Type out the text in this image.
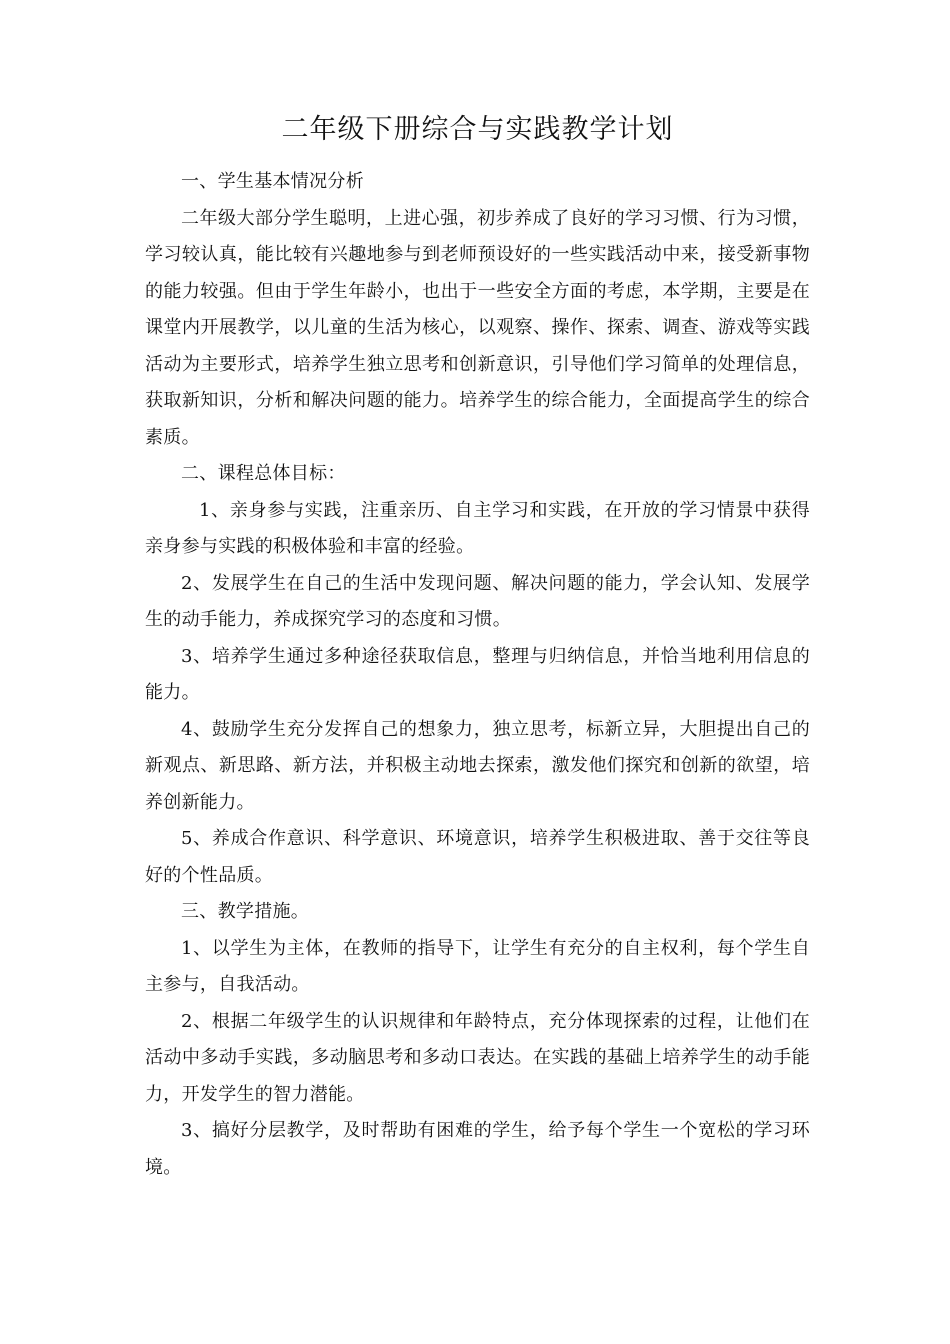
二年级下册综合与实践教学计划

一、学生基本情况分析

二年级大部分学生聪明，上进心强，初步养成了良好的学习习惯、行为习惯，学习较认真，能比较有兴趣地参与到老师预设好的一些实践活动中来，接受新事物的能力较强。但由于学生年龄小，也出于一些安全方面的考虑，本学期，主要是在课堂内开展教学，以儿童的生活为核心，以观察、操作、探索、调查、游戏等实践活动为主要形式，培养学生独立思考和创新意识，引导他们学习简单的处理信息，获取新知识，分析和解决问题的能力。培养学生的综合能力，全面提高学生的综合素质。

二、课程总体目标：

1、亲身参与实践，注重亲历、自主学习和实践，在开放的学习情景中获得亲身参与实践的积极体验和丰富的经验。

2、发展学生在自己的生活中发现问题、解决问题的能力，学会认知、发展学生的动手能力，养成探究学习的态度和习惯。

3、培养学生通过多种途径获取信息，整理与归纳信息，并恰当地利用信息的能力。

4、鼓励学生充分发挥自己的想象力，独立思考，标新立异，大胆提出自己的新观点、新思路、新方法，并积极主动地去探索，激发他们探究和创新的欲望，培养创新能力。

5、养成合作意识、科学意识、环境意识，培养学生积极进取、善于交往等良好的个性品质。

三、教学措施。

1、以学生为主体，在教师的指导下，让学生有充分的自主权利，每个学生自主参与，自我活动。

2、根据二年级学生的认识规律和年龄特点，充分体现探索的过程，让他们在活动中多动手实践，多动脑思考和多动口表达。在实践的基础上培养学生的动手能力，开发学生的智力潜能。

3、搞好分层教学，及时帮助有困难的学生，给予每个学生一个宽松的学习环境。
